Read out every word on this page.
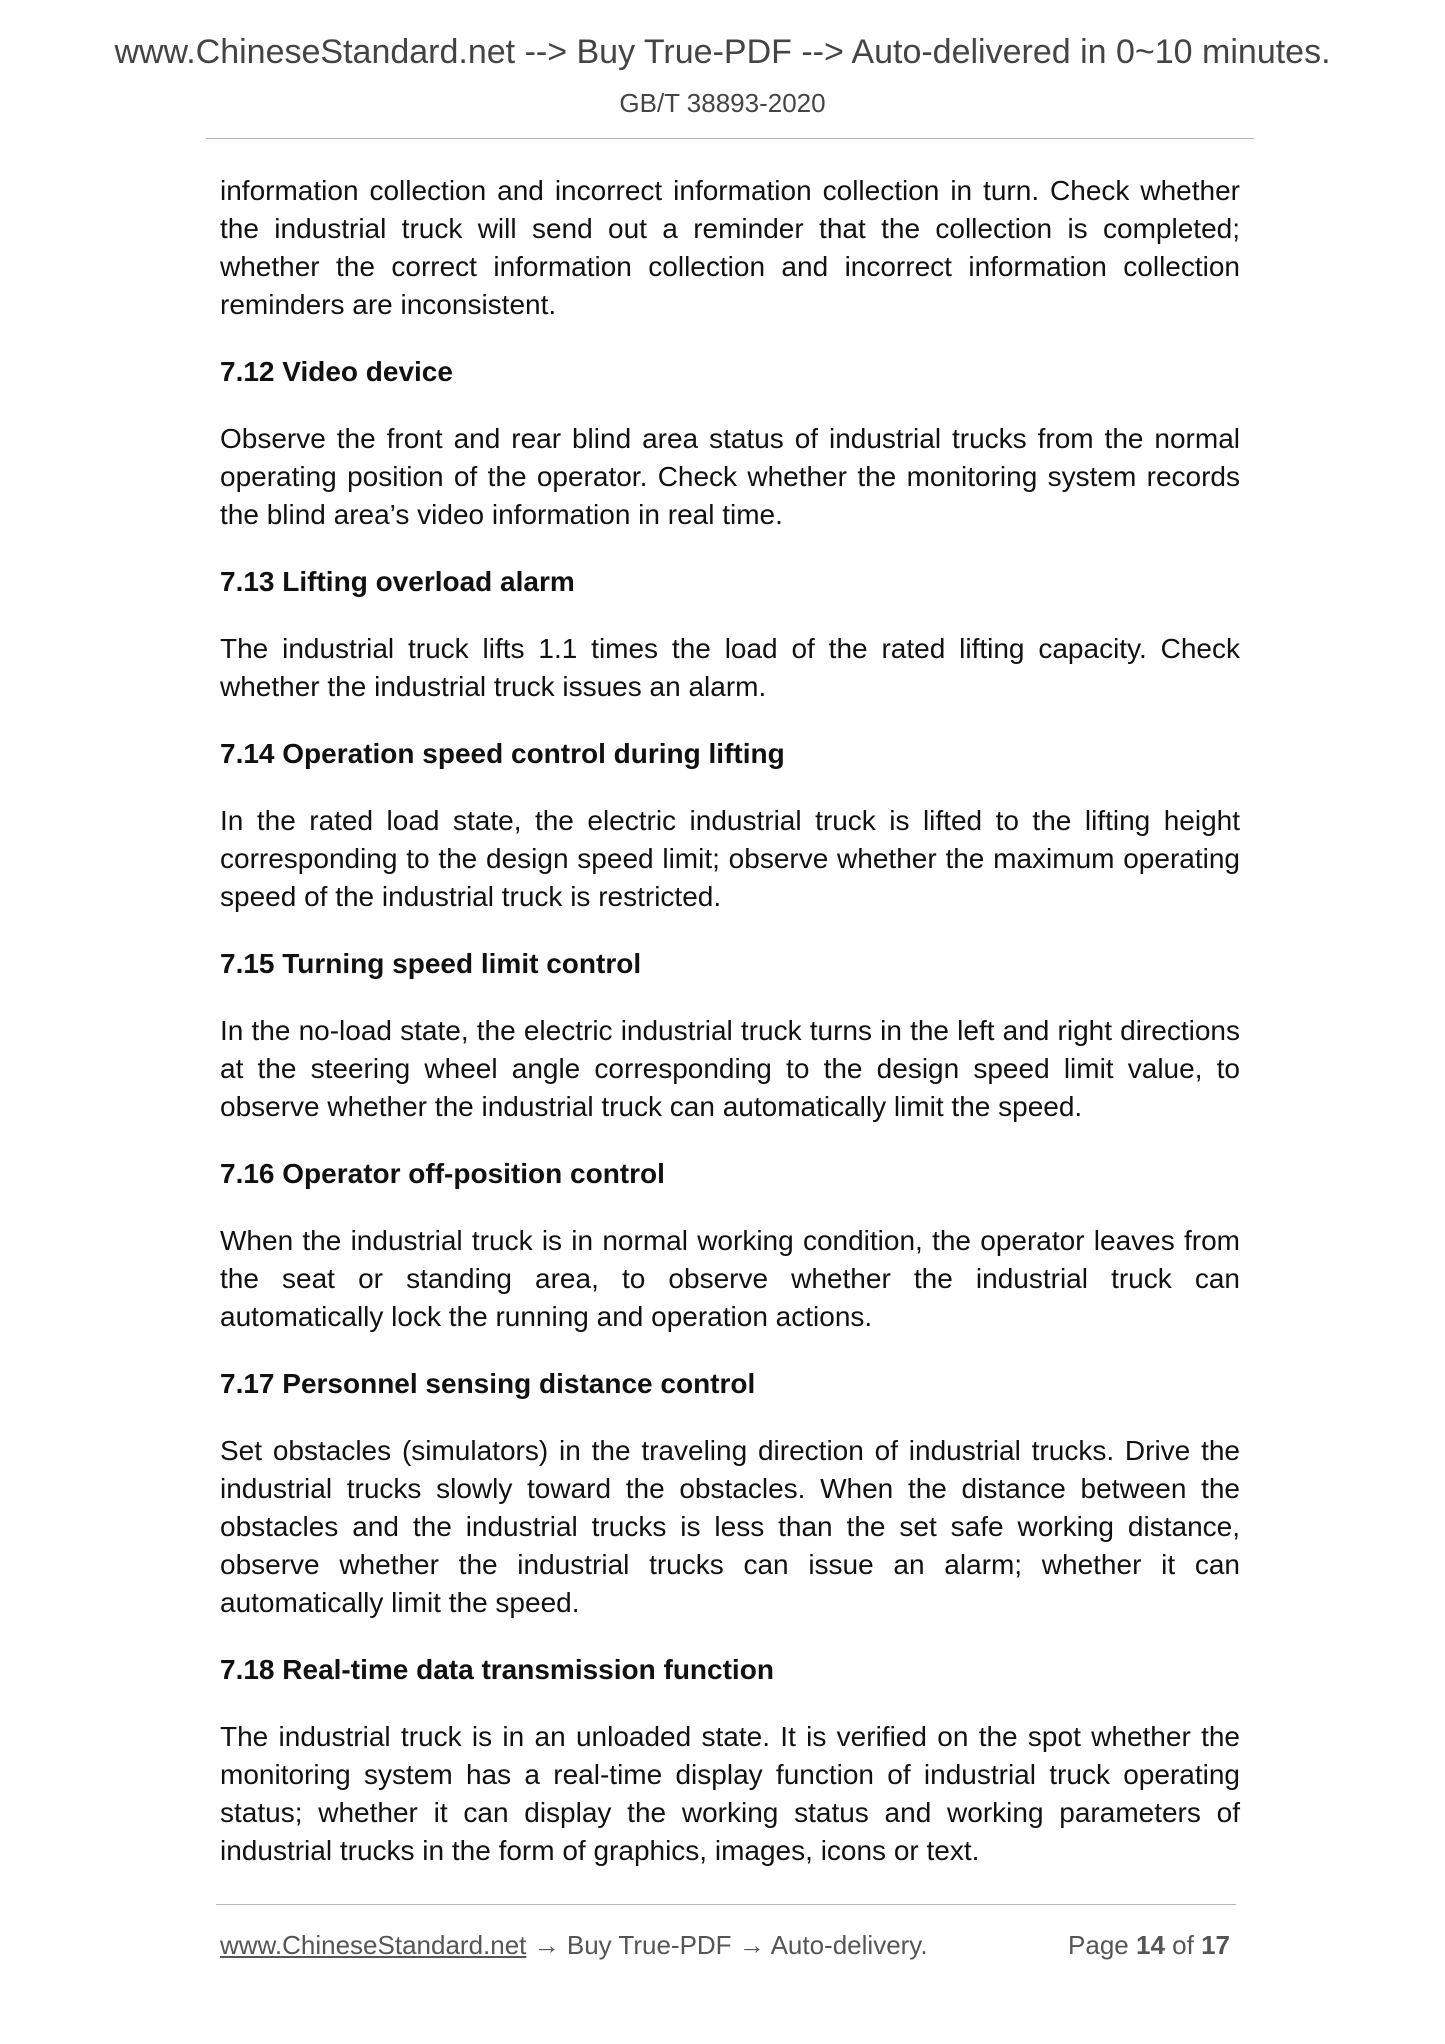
www.ChineseStandard.net --> Buy True-PDF --> Auto-delivered in 0~10 minutes.
GB/T 38893-2020

information collection and incorrect information collection in turn. Check whether the industrial truck will send out a reminder that the collection is completed; whether the correct information collection and incorrect information collection reminders are inconsistent.

7.12 Video device

Observe the front and rear blind area status of industrial trucks from the normal operating position of the operator. Check whether the monitoring system records the blind area’s video information in real time.

7.13 Lifting overload alarm

The industrial truck lifts 1.1 times the load of the rated lifting capacity. Check whether the industrial truck issues an alarm.

7.14 Operation speed control during lifting

In the rated load state, the electric industrial truck is lifted to the lifting height corresponding to the design speed limit; observe whether the maximum operating speed of the industrial truck is restricted.

7.15 Turning speed limit control

In the no-load state, the electric industrial truck turns in the left and right directions at the steering wheel angle corresponding to the design speed limit value, to observe whether the industrial truck can automatically limit the speed.

7.16 Operator off-position control

When the industrial truck is in normal working condition, the operator leaves from the seat or standing area, to observe whether the industrial truck can automatically lock the running and operation actions.

7.17 Personnel sensing distance control

Set obstacles (simulators) in the traveling direction of industrial trucks. Drive the industrial trucks slowly toward the obstacles. When the distance between the obstacles and the industrial trucks is less than the set safe working distance, observe whether the industrial trucks can issue an alarm; whether it can automatically limit the speed.

7.18 Real-time data transmission function

The industrial truck is in an unloaded state. It is verified on the spot whether the monitoring system has a real-time display function of industrial truck operating status; whether it can display the working status and working parameters of industrial trucks in the form of graphics, images, icons or text.

www.ChineseStandard.net → Buy True-PDF → Auto-delivery.	Page 14 of 17
